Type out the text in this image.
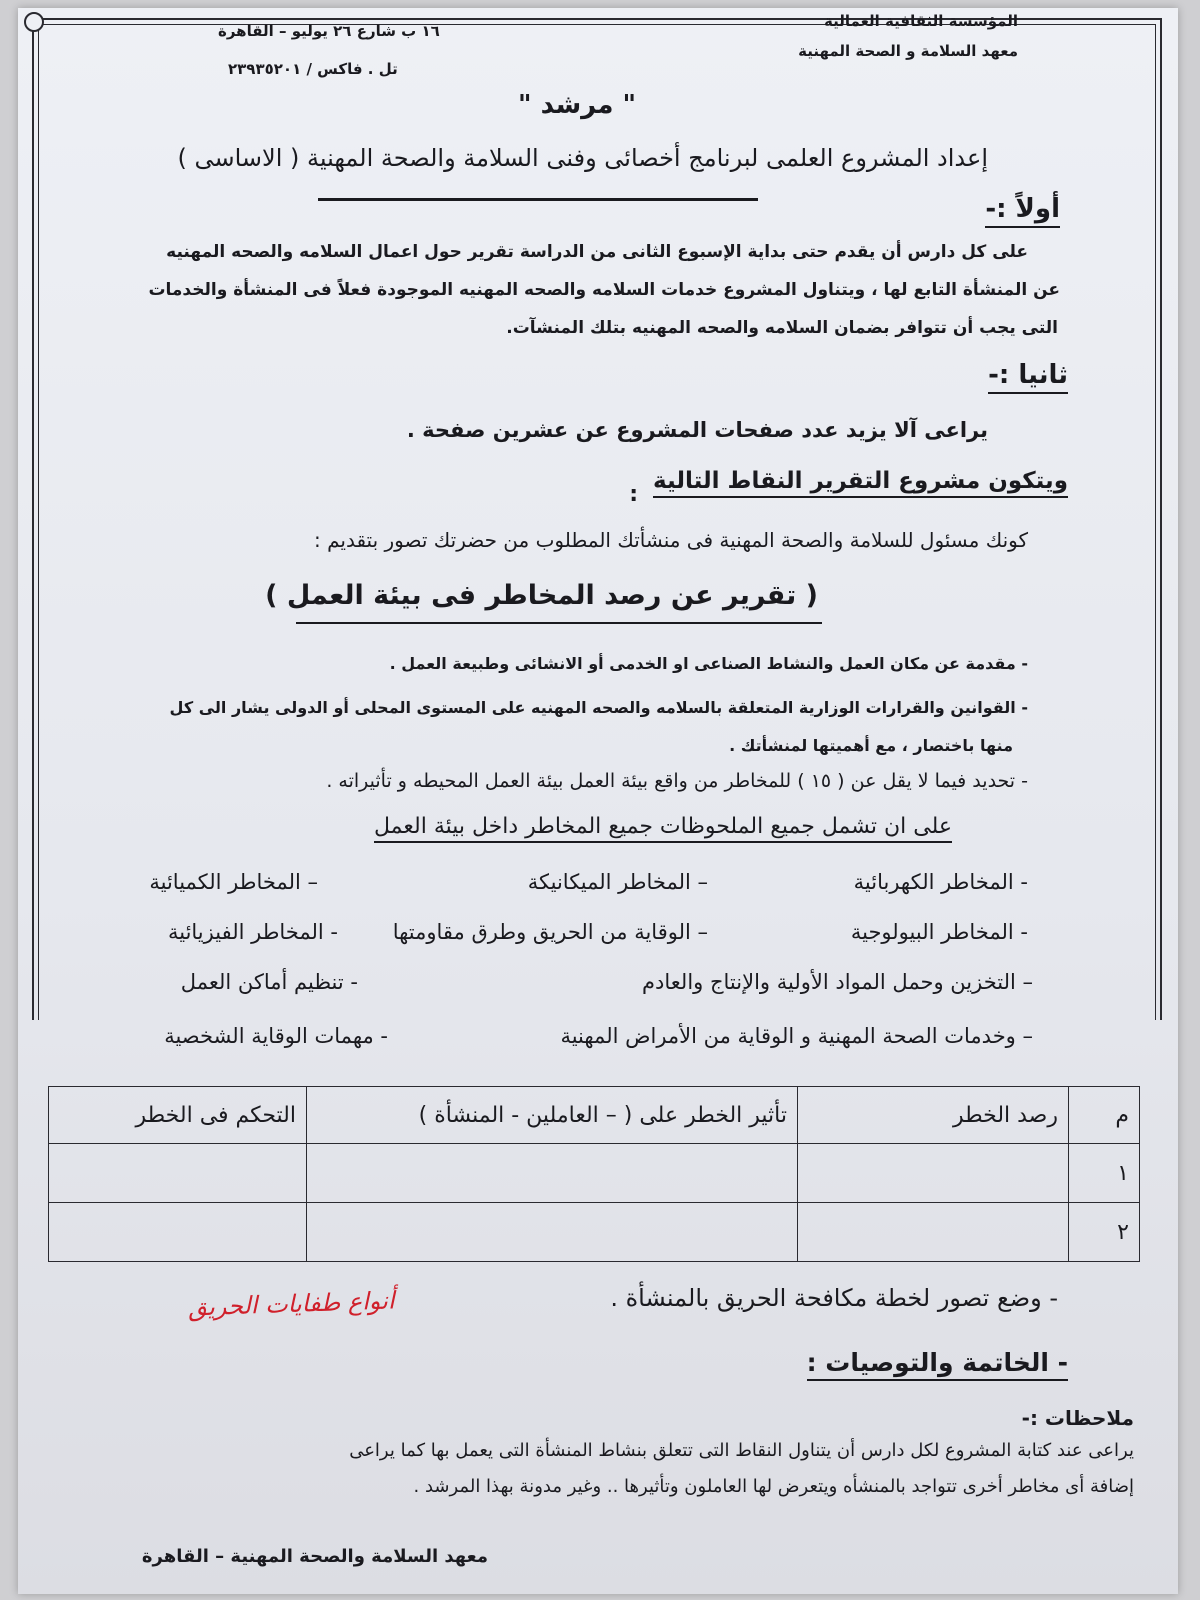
المؤسسة الثقافية العمالية
معهد السلامة و الصحة المهنية
١٦ ب شارع ٢٦ يوليو – القاهرة
تل . فاكس / ٢٣٩٣٥٢٠١
" مرشد "
إعداد المشروع العلمى لبرنامج أخصائى وفنى السلامة والصحة المهنية ( الاساسى )
أولاً :-
على كل دارس أن يقدم حتى بداية الإسبوع الثانى من الدراسة تقرير حول اعمال السلامه والصحه المهنيه
عن المنشأة التابع لها ، ويتناول المشروع خدمات السلامه والصحه المهنيه الموجودة فعلاً فى المنشأة والخدمات
التى يجب أن تتوافر بضمان السلامه والصحه المهنيه بتلك المنشآت.
ثانيا :-
يراعى آلا يزيد عدد صفحات المشروع عن عشرين صفحة .
ويتكون مشروع التقرير النقاط التالية
:
كونك مسئول للسلامة والصحة المهنية فى منشأتك المطلوب من حضرتك تصور بتقديم :
( تقرير عن رصد المخاطر فى بيئة العمل )
- مقدمة عن مكان العمل والنشاط الصناعى او الخدمى أو الانشائى وطبيعة العمل .
- القوانين والقرارات الوزارية المتعلقة بالسلامه والصحه المهنيه على المستوى المحلى أو الدولى يشار الى كل
منها باختصار ، مع أهميتها لمنشأتك .
- تحديد فيما لا يقل عن ( ١٥ ) للمخاطر من واقع بيئة العمل بيئة العمل المحيطه و تأثيراته .
على ان تشمل جميع الملحوظات جميع المخاطر داخل بيئة العمل
- المخاطر الكهربائية
– المخاطر الميكانيكة
– المخاطر الكميائية
- المخاطر البيولوجية
– الوقاية من الحريق وطرق مقاومتها
- المخاطر الفيزيائية
– التخزين وحمل المواد الأولية والإنتاج والعادم
- تنظيم أماكن العمل
– وخدمات الصحة المهنية و الوقاية من الأمراض المهنية
- مهمات الوقاية الشخصية
م	رصد الخطر	تأثير الخطر على ( – العاملين - المنشأة )	التحكم فى الخطر
١			
٢			
- وضع تصور لخطة مكافحة الحريق بالمنشأة .
أنواع طفايات الحريق
- الخاتمة والتوصيات :
ملاحظات :-
يراعى عند كتابة المشروع لكل دارس أن يتناول النقاط التى تتعلق بنشاط المنشأة التى يعمل بها كما يراعى
إضافة أى مخاطر أخرى تتواجد بالمنشأه ويتعرض لها العاملون وتأثيرها .. وغير مدونة بهذا المرشد .
معهد السلامة والصحة المهنية – القاهرة
